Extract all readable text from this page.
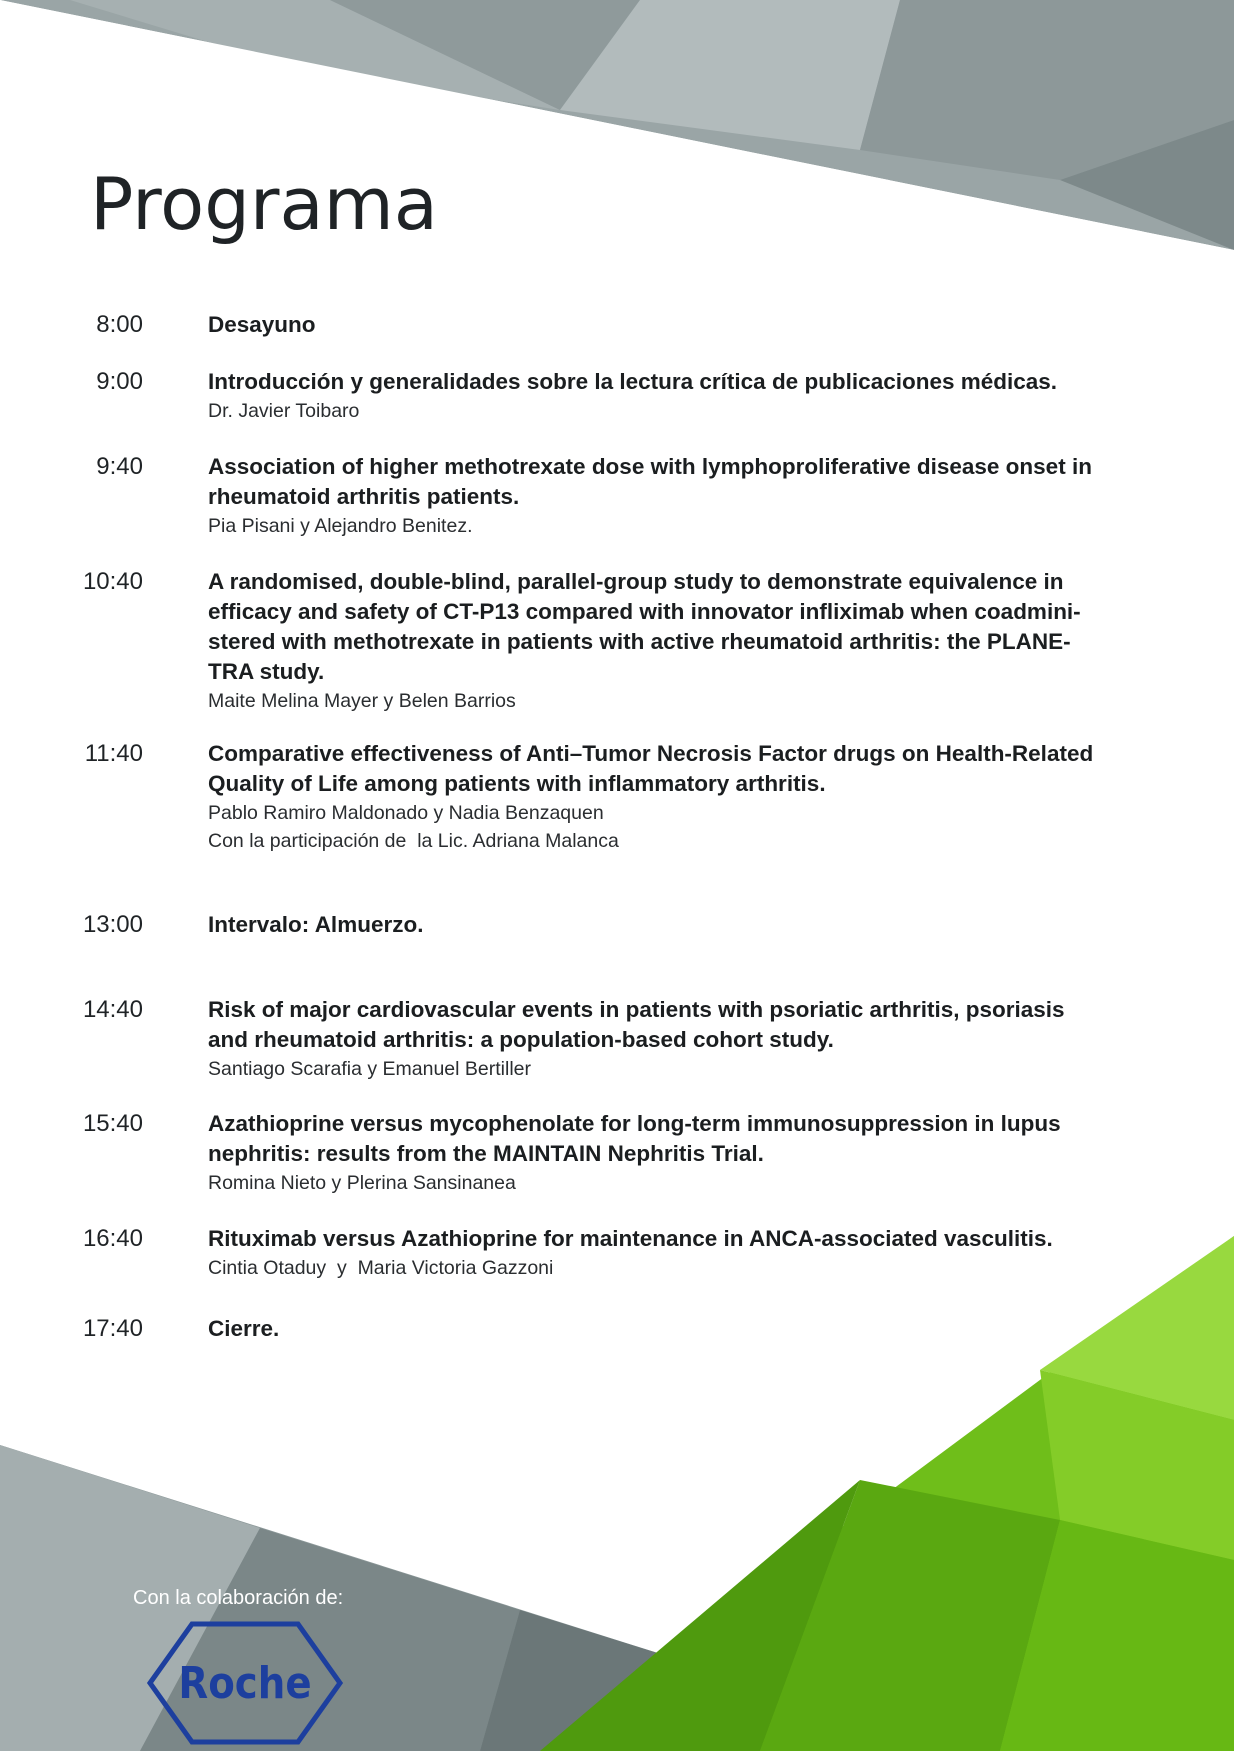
Programa
8:00	Desayuno
9:00	Introducción y generalidades sobre la lectura crítica de publicaciones médicas.
Dr. Javier Toibaro
9:40	Association of higher methotrexate dose with lymphoproliferative disease onset in
rheumatoid arthritis patients.
Pia Pisani y Alejandro Benitez.
10:40	A randomised, double-blind, parallel-group study to demonstrate equivalence in
efficacy and safety of CT-P13 compared with innovator infliximab when coadmini-
stered with methotrexate in patients with active rheumatoid arthritis: the PLANE-
TRA study.
Maite Melina Mayer y Belen Barrios
11:40	Comparative effectiveness of Anti–Tumor Necrosis Factor drugs on Health-Related
Quality of Life among patients with inflammatory arthritis.
Pablo Ramiro Maldonado y Nadia Benzaquen
Con la participación de  la Lic. Adriana Malanca
13:00	Intervalo: Almuerzo.
14:40	Risk of major cardiovascular events in patients with psoriatic arthritis, psoriasis
and rheumatoid arthritis: a population-based cohort study.
Santiago Scarafia y Emanuel Bertiller
15:40	Azathioprine versus mycophenolate for long-term immunosuppression in lupus
nephritis: results from the MAINTAIN Nephritis Trial.
Romina Nieto y Plerina Sansinanea
16:40	Rituximab versus Azathioprine for maintenance in ANCA-associated vasculitis.
Cintia Otaduy  y  Maria Victoria Gazzoni
17:40	Cierre.
Con la colaboración de:
Roche
